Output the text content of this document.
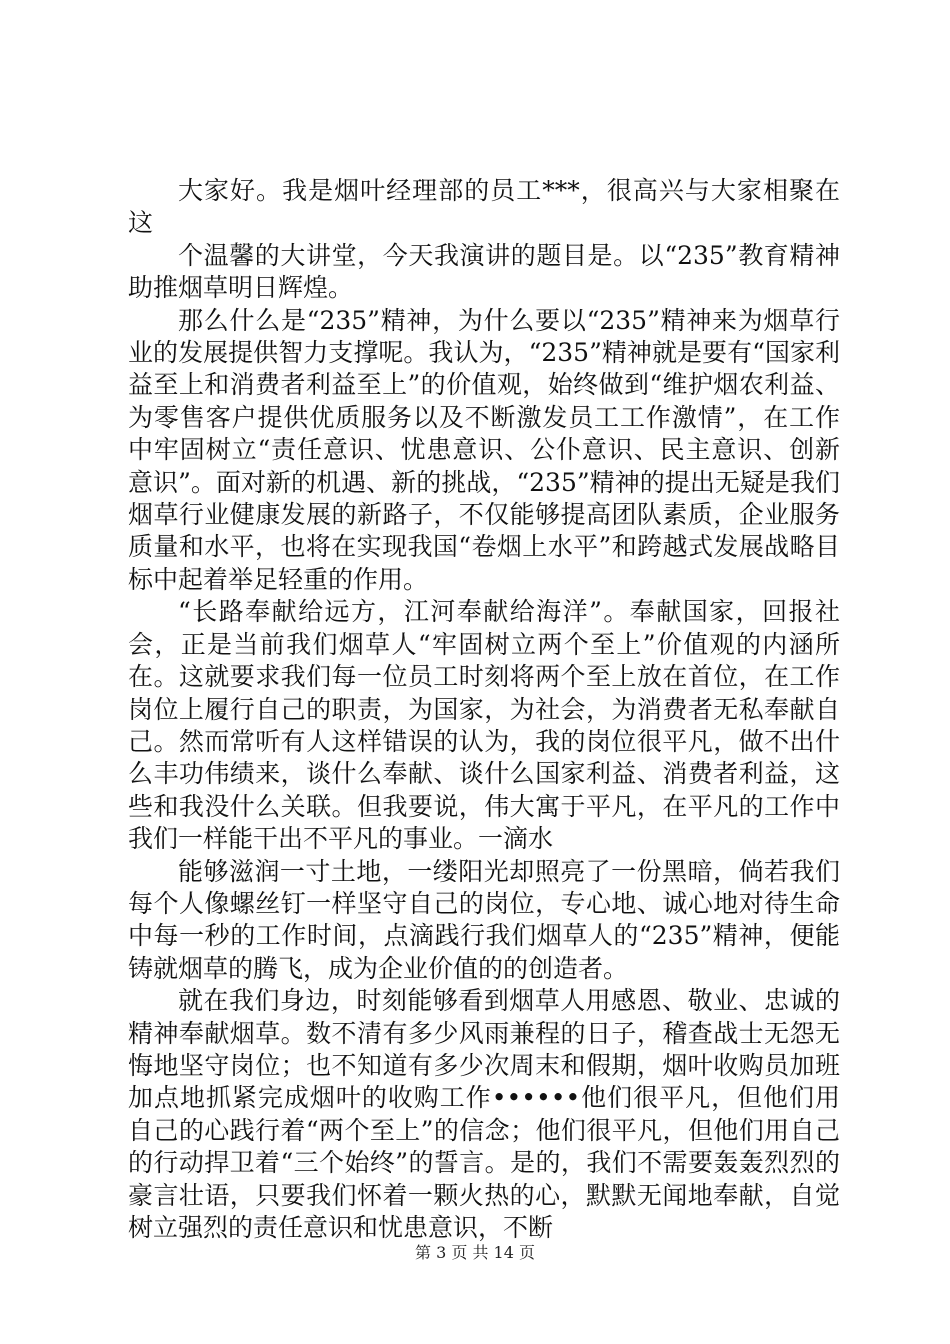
大家好。我是烟叶经理部的员工***，很高兴与大家相聚在这

个温馨的大讲堂，今天我演讲的题目是。以“235”教育精神助推烟草明日辉煌。

那么什么是“235”精神，为什么要以“235”精神来为烟草行业的发展提供智力支撑呢。我认为，“235”精神就是要有“国家利益至上和消费者利益至上”的价值观，始终做到“维护烟农利益、为零售客户提供优质服务以及不断激发员工工作激情”，在工作中牢固树立“责任意识、忧患意识、公仆意识、民主意识、创新意识”。面对新的机遇、新的挑战，“235”精神的提出无疑是我们烟草行业健康发展的新路子，不仅能够提高团队素质，企业服务质量和水平，也将在实现我国“卷烟上水平”和跨越式发展战略目标中起着举足轻重的作用。

“长路奉献给远方，江河奉献给海洋”。奉献国家，回报社会，正是当前我们烟草人“牢固树立两个至上”价值观的内涵所在。这就要求我们每一位员工时刻将两个至上放在首位，在工作岗位上履行自己的职责，为国家，为社会，为消费者无私奉献自己。然而常听有人这样错误的认为，我的岗位很平凡，做不出什么丰功伟绩来，谈什么奉献、谈什么国家利益、消费者利益，这些和我没什么关联。但我要说，伟大寓于平凡，在平凡的工作中我们一样能干出不平凡的事业。一滴水

能够滋润一寸土地，一缕阳光却照亮了一份黑暗，倘若我们每个人像螺丝钉一样坚守自己的岗位，专心地、诚心地对待生命中每一秒的工作时间，点滴践行我们烟草人的“235”精神，便能铸就烟草的腾飞，成为企业价值的的创造者。

就在我们身边，时刻能够看到烟草人用感恩、敬业、忠诚的精神奉献烟草。数不清有多少风雨兼程的日子，稽查战士无怨无悔地坚守岗位；也不知道有多少次周末和假期，烟叶收购员加班加点地抓紧完成烟叶的收购工作••••••他们很平凡，但他们用自己的心践行着“两个至上”的信念；他们很平凡，但他们用自己的行动捍卫着“三个始终”的誓言。是的，我们不需要轰轰烈烈的豪言壮语，只要我们怀着一颗火热的心，默默无闻地奉献，自觉树立强烈的责任意识和忧患意识，不断

第 3 页 共 14 页
